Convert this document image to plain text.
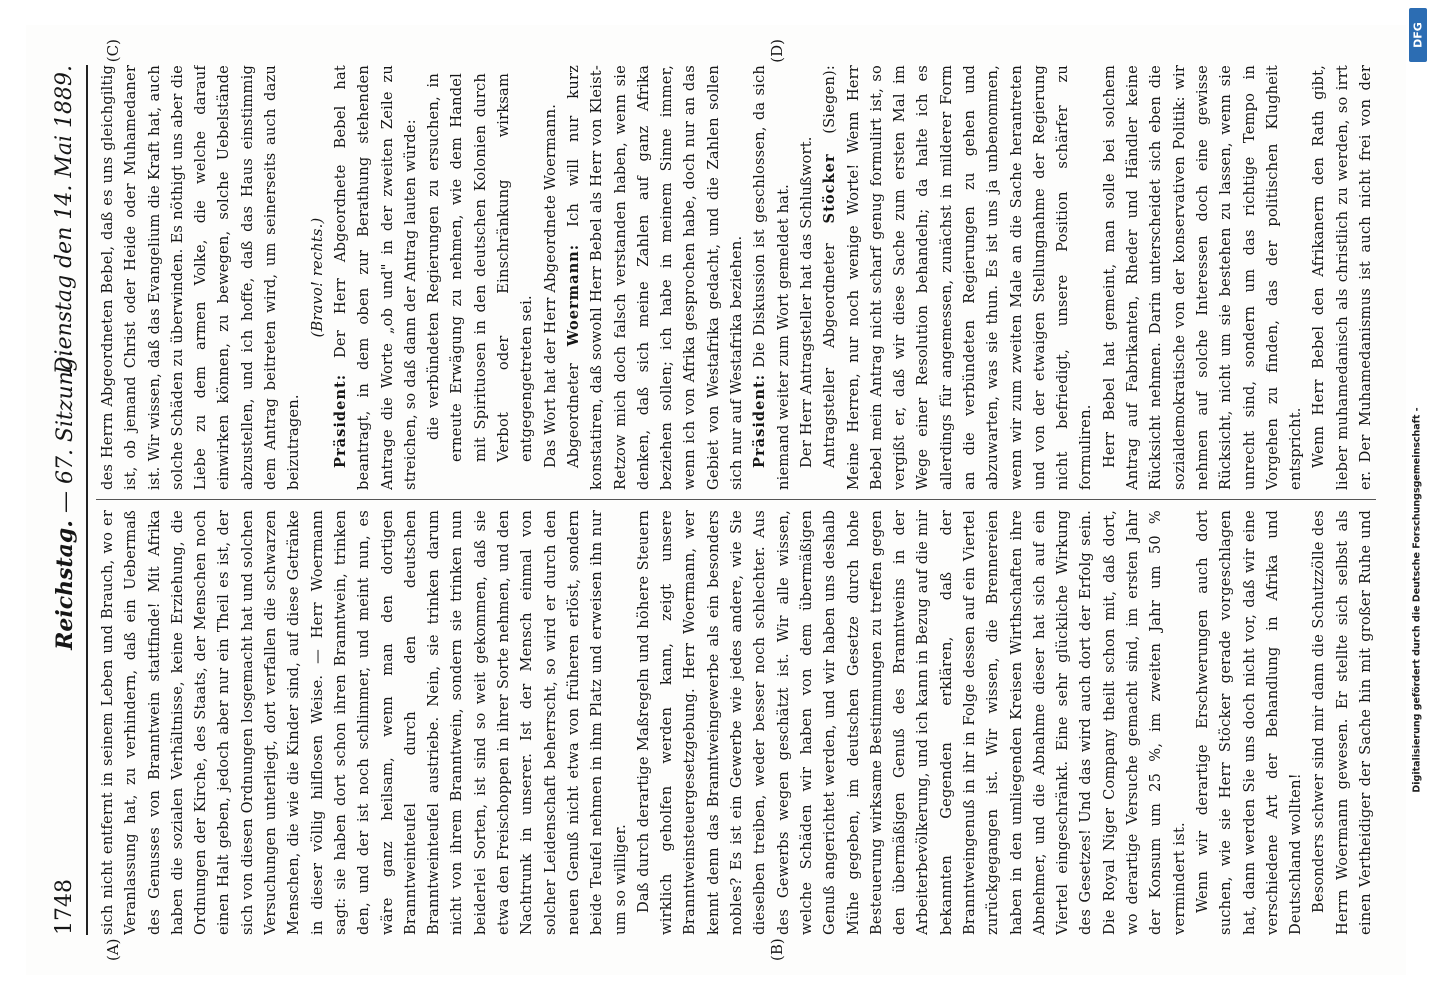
1748
Reichstag. — 67. Sitzung.
Dienstag den 14. Mai 1889.
(A)	(B)
(C)	(D)

sich nicht entfernt in seinem Leben und Brauch, wo er Veranlassung hat, zu verhindern, daß ein Uebermaß des Genusses von Branntwein stattfinde! Mit Afrika haben die sozialen Verhältnisse, keine Erziehung, die Ordnungen der Kirche, des Staats, der Menschen noch einen Halt geben, jedoch aber nur ein Theil es ist, der sich von diesen Ordnungen losgemacht hat und solchen Versuchungen unterliegt, dort verfallen die schwarzen Menschen, die wie die Kinder sind, auf diese Getränke in dieser völlig hilflosen Weise. — Herr Woermann sagt: sie haben dort schon ihren Branntwein, trinken den, und der ist noch schlimmer, und meint nun, es wäre ganz heilsam, wenn man den dortigen Branntweinteufel durch den deutschen Branntweinteufel austriebe. Nein, sie trinken darum nicht von ihrem Branntwein, sondern sie trinken nun beiderlei Sorten, ist sind so weit gekommen, daß sie etwa den Freischoppen in ihrer Sorte nehmen, und den Nachtrunk in unserer. Ist der Mensch einmal von solcher Leidenschaft beherrscht, so wird er durch den neuen Genuß nicht etwa von früheren erlöst, sondern beide Teufel nehmen in ihm Platz und erweisen ihn nur um so williger. Daß durch derartige Maßregeln und höhere Steuern wirklich geholfen werden kann, zeigt unsere Branntweinsteuergesetzgebung. Herr Woermann, wer kennt denn das Branntweingewerbe als ein besonders nobles? Es ist ein Gewerbe wie jedes andere, wie Sie dieselben treiben, weder besser noch schlechter. Aus des Gewerbs wegen geschätzt ist. Wir alle wissen, welche Schäden wir haben von dem übermäßigen Genuß angerichtet werden, und wir haben uns deshalb Mühe gegeben, im deutschen Gesetze durch hohe Besteuerung wirksame Bestimmungen zu treffen gegen den übermäßigen Genuß des Branntweins in der Arbeiterbevölkerung, und ich kann in Bezug auf die mir bekannten Gegenden erklären, daß der Branntweingenuß in ihr in Folge dessen auf ein Viertel zurückgegangen ist. Wir wissen, die Brennereien haben in den umliegenden Kreisen Wirthschaften ihre Abnehmer, und die Abnahme dieser hat sich auf ein Viertel eingeschränkt. Eine sehr glückliche Wirkung des Gesetzes! Und das wird auch dort der Erfolg sein. Die Royal Niger Company theilt schon mit, daß dort, wo derartige Versuche gemacht sind, im ersten Jahr der Konsum um 25 %, im zweiten Jahr um 50 % vermindert ist. Wenn wir derartige Erschwerungen auch dort suchen, wie sie Herr Stöcker gerade vorgeschlagen hat, dann werden Sie uns doch nicht vor, daß wir eine verschiedene Art der Behandlung in Afrika und Deutschland wollten! Besonders schwer sind mir dann die Schutzzölle des Herrn Woermann gewesen. Er stellte sich selbst als einen Vertheidiger der Sache hin mit großer Ruhe und

des Herrn Abgeordneten Bebel, daß es uns gleichgiltig ist, ob jemand Christ oder Heide oder Muhamedaner ist. Wir wissen, daß das Evangelium die Kraft hat, auch solche Schäden zu überwinden. Es nöthigt uns aber die Liebe zu dem armen Volke, die welche darauf einwirken können, zu bewegen, solche Uebelstände abzustellen, und ich hoffe, daß das Haus einstimmig dem Antrag beitreten wird, um seinerseits auch dazu beizutragen.

(Bravo! rechts.)

Präsident: Der Herr Abgeordnete Bebel hat beantragt, in dem oben zur Berathung stehenden Antrage die Worte „ob und" in der zweiten Zeile zu streichen, so daß dann der Antrag lauten würde: die verbündeten Regierungen zu ersuchen, in erneute Erwägung zu nehmen, wie dem Handel mit Spirituosen in den deutschen Kolonien durch Verbot oder Einschränkung wirksam entgegengetreten sei. Das Wort hat der Herr Abgeordnete Woermann. Abgeordneter Woermann: Ich will nur kurz konstatiren, daß sowohl Herr Bebel als Herr von Kleist-Retzow mich doch falsch verstanden haben, wenn sie denken, daß sich meine Zahlen auf ganz Afrika beziehen sollen; ich habe in meinem Sinne immer, wenn ich von Afrika gesprochen habe, doch nur an das Gebiet von Westafrika gedacht, und die Zahlen sollen sich nur auf Westafrika beziehen. Präsident: Die Diskussion ist geschlossen, da sich niemand weiter zum Wort gemeldet hat. Der Herr Antragsteller hat das Schlußwort. Antragsteller Abgeordneter Stöcker (Siegen): Meine Herren, nur noch wenige Worte! Wenn Herr Bebel mein Antrag nicht scharf genug formulirt ist, so vergißt er, daß wir diese Sache zum ersten Mal im Wege einer Resolution behandeln; da halte ich es allerdings für angemessen, zunächst in milderer Form an die verbündeten Regierungen zu gehen und abzuwarten, was sie thun. Es ist uns ja unbenommen, wenn wir zum zweiten Male an die Sache herantreten und von der etwaigen Stellungnahme der Regierung nicht befriedigt, unsere Position schärfer zu formuliren. Herr Bebel hat gemeint, man solle bei solchem Antrag auf Fabrikanten, Rheder und Händler keine Rücksicht nehmen. Darin unterscheidet sich eben die sozialdemokratische von der konservativen Politik: wir nehmen auf solche Interessen doch eine gewisse Rücksicht, nicht um sie bestehen zu lassen, wenn sie unrecht sind, sondern um das richtige Tempo in Vorgehen zu finden, das der politischen Klugheit entspricht. Wenn Herr Bebel den Afrikanern den Rath gibt, lieber muhamedanisch als christlich zu werden, so irrt er. Der Muhamedanismus ist auch nicht frei von der

Digitalisierung gefördert durch die Deutsche Forschungsgemeinschaft -
DFG
